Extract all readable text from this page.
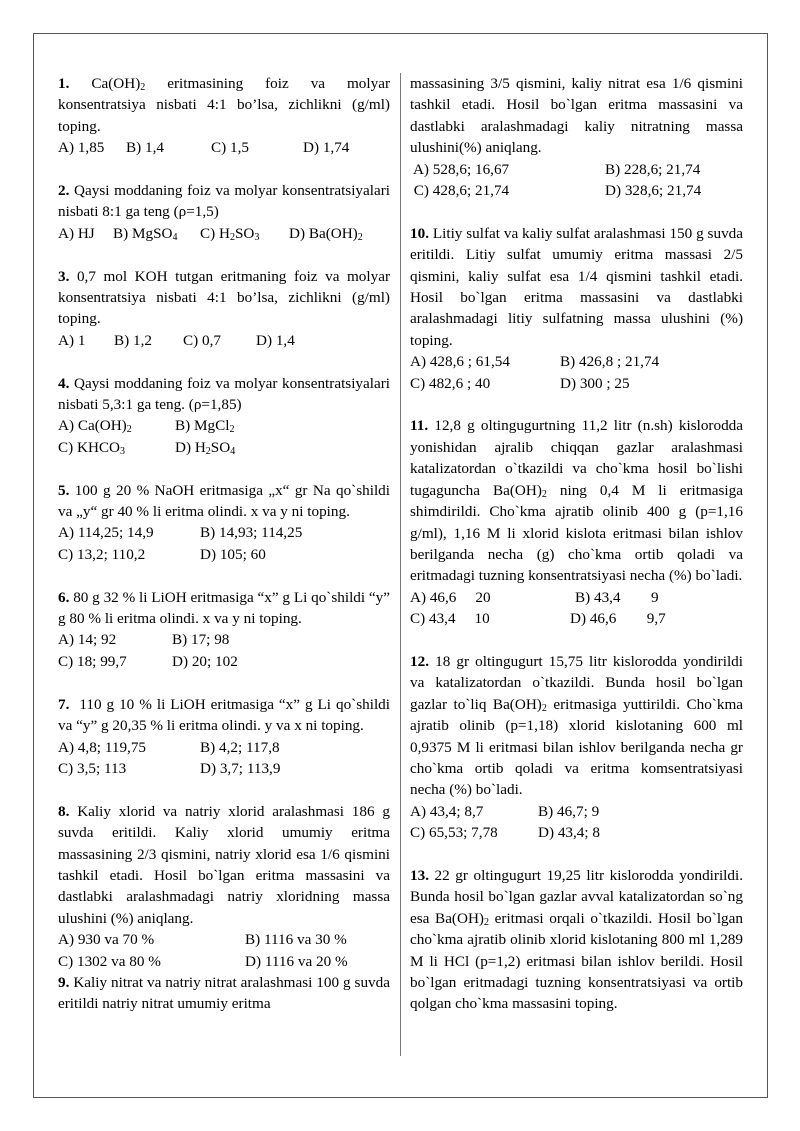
1. $Ca(OH)_2$ eritmasining foiz va molyar konsentratsiya nisbati 4:1 bo’lsa, zichlikni (g/ml) toping.
A) 1,85	B) 1,4	C) 1,5	D) 1,74
2. Qaysi moddaning foiz va molyar konsentratsiyalari nisbati 8:1 ga teng (ρ=1,5)
A) HJ	B) MgSO$_4$	C) $H_2SO_3$	D) $Ba(OH)_2$
3. 0,7 mol KOH tutgan eritmaning foiz va molyar konsentratsiya nisbati 4:1 bo’lsa, zichlikni (g/ml) toping.
A) 1	B) 1,2	C) 0,7	D) 1,4
4. Qaysi moddaning foiz va molyar konsentratsiyalari nisbati 5,3:1 ga teng. (ρ=1,85)
A) $Ca(OH)_2$	B) MgCl$_2$
C) $KHCO_3$	D) $H_2SO_4$
5. 100 g 20 % NaOH eritmasiga „x“ gr Na qo`shildi va „y“ gr 40 % li eritma olindi. x va y ni toping.
A) 114,25; 14,9	B) 14,93; 114,25
C) 13,2; 110,2	D) 105; 60
6. 80 g 32 % li LiOH eritmasiga “x” g Li qo`shildi “y” g 80 % li eritma olindi. x va y ni toping.
A) 14; 92	B) 17; 98
C) 18; 99,7	D) 20; 102
7.  110 g 10 % li LiOH eritmasiga “x” g Li qo`shildi va “y” g 20,35 % li eritma olindi. y va x ni toping.
A) 4,8; 119,75	B) 4,2; 117,8
C) 3,5; 113	D) 3,7; 113,9
8. Kaliy xlorid va natriy xlorid aralashmasi 186 g suvda eritildi. Kaliy xlorid umumiy eritma massasining 2/3 qismini, natriy xlorid esa 1/6 qismini tashkil etadi. Hosil bo`lgan eritma massasini va dastlabki aralashmadagi natriy xloridning massa ulushini (%) aniqlang.
A) 930 va 70 %	B) 1116 va 30 %
C) 1302 va 80 %	D) 1116 va 20 %
9. Kaliy nitrat va natriy nitrat aralashmasi 100 g suvda eritildi natriy nitrat umumiy eritma
massasining 3/5 qismini, kaliy nitrat esa 1/6 qismini tashkil etadi. Hosil bo`lgan eritma massasini va dastlabki aralashmadagi kaliy nitratning massa ulushini(%) aniqlang.
A) 528,6; 16,67	B) 228,6; 21,74
C) 428,6; 21,74	D) 328,6; 21,74
10. Litiy sulfat va kaliy sulfat aralashmasi 150 g suvda eritildi. Litiy sulfat umumiy eritma massasi 2/5 qismini, kaliy sulfat esa 1/4 qismini tashkil etadi. Hosil bo`lgan eritma massasini va dastlabki aralashmadagi litiy sulfatning massa ulushini (%) toping.
A) 428,6 ; 61,54	B) 426,8 ; 21,74
C) 482,6 ; 40	D) 300 ; 25
11. 12,8 g oltingugurtning 11,2 litr (n.sh) kislorodda yonishidan ajralib chiqqan gazlar aralashmasi katalizatordan o`tkazildi va cho`kma hosil bo`lishi tugaguncha $Ba(OH)_2$ ning 0,4 M li eritmasiga shimdirildi. Cho`kma ajratib olinib 400 g (p=1,16 g/ml), 1,16 M li xlorid kislota eritmasi bilan ishlov berilganda necha (g) cho`kma ortib qoladi va eritmadagi tuzning konsentratsiyasi necha (%) bo`ladi.
A) 46,6     20	B) 43,4        9
C) 43,4     10	D) 46,6        9,7
12. 18 gr oltingugurt 15,75 litr kislorodda yondirildi va katalizatordan o`tkazildi. Bunda hosil bo`lgan gazlar to`liq $Ba(OH)_2$ eritmasiga yuttirildi. Cho`kma ajratib olinib (p=1,18) xlorid kislotaning 600 ml 0,9375 M li eritmasi bilan ishlov berilganda necha gr cho`kma ortib qoladi va eritma komsentratsiyasi necha (%) bo`ladi.
A) 43,4; 8,7	B) 46,7; 9
C) 65,53; 7,78	D) 43,4; 8
13. 22 gr oltingugurt 19,25 litr kislorodda yondirildi. Bunda hosil bo`lgan gazlar avval katalizatordan so`ng esa $Ba(OH)_2$ eritmasi orqali o`tkazildi. Hosil bo`lgan cho`kma ajratib olinib xlorid kislotaning 800 ml 1,289 M li HCl (p=1,2) eritmasi bilan ishlov berildi. Hosil bo`lgan eritmadagi tuzning konsentratsiyasi va ortib qolgan cho`kma massasini toping.
